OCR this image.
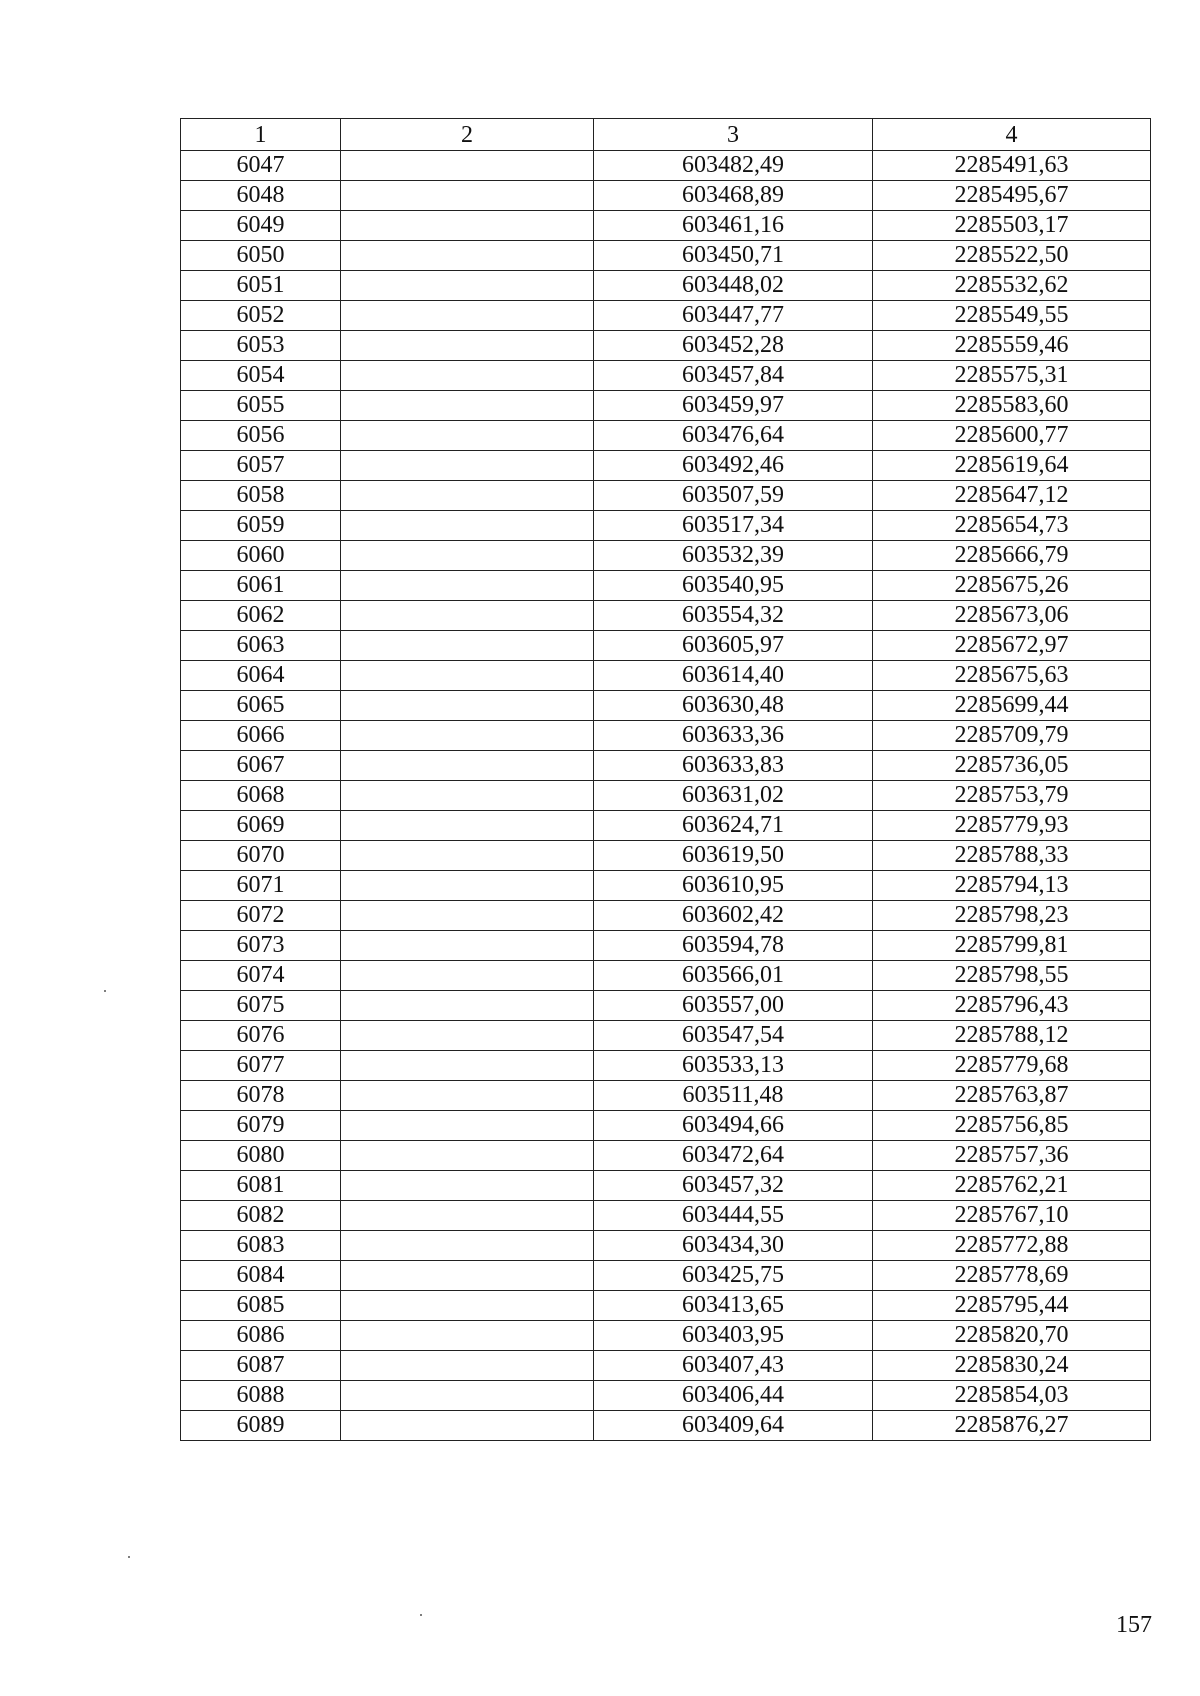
1	2	3	4
6047		603482,49	2285491,63
6048		603468,89	2285495,67
6049		603461,16	2285503,17
6050		603450,71	2285522,50
6051		603448,02	2285532,62
6052		603447,77	2285549,55
6053		603452,28	2285559,46
6054		603457,84	2285575,31
6055		603459,97	2285583,60
6056		603476,64	2285600,77
6057		603492,46	2285619,64
6058		603507,59	2285647,12
6059		603517,34	2285654,73
6060		603532,39	2285666,79
6061		603540,95	2285675,26
6062		603554,32	2285673,06
6063		603605,97	2285672,97
6064		603614,40	2285675,63
6065		603630,48	2285699,44
6066		603633,36	2285709,79
6067		603633,83	2285736,05
6068		603631,02	2285753,79
6069		603624,71	2285779,93
6070		603619,50	2285788,33
6071		603610,95	2285794,13
6072		603602,42	2285798,23
6073		603594,78	2285799,81
6074		603566,01	2285798,55
6075		603557,00	2285796,43
6076		603547,54	2285788,12
6077		603533,13	2285779,68
6078		603511,48	2285763,87
6079		603494,66	2285756,85
6080		603472,64	2285757,36
6081		603457,32	2285762,21
6082		603444,55	2285767,10
6083		603434,30	2285772,88
6084		603425,75	2285778,69
6085		603413,65	2285795,44
6086		603403,95	2285820,70
6087		603407,43	2285830,24
6088		603406,44	2285854,03
6089		603409,64	2285876,27
157
